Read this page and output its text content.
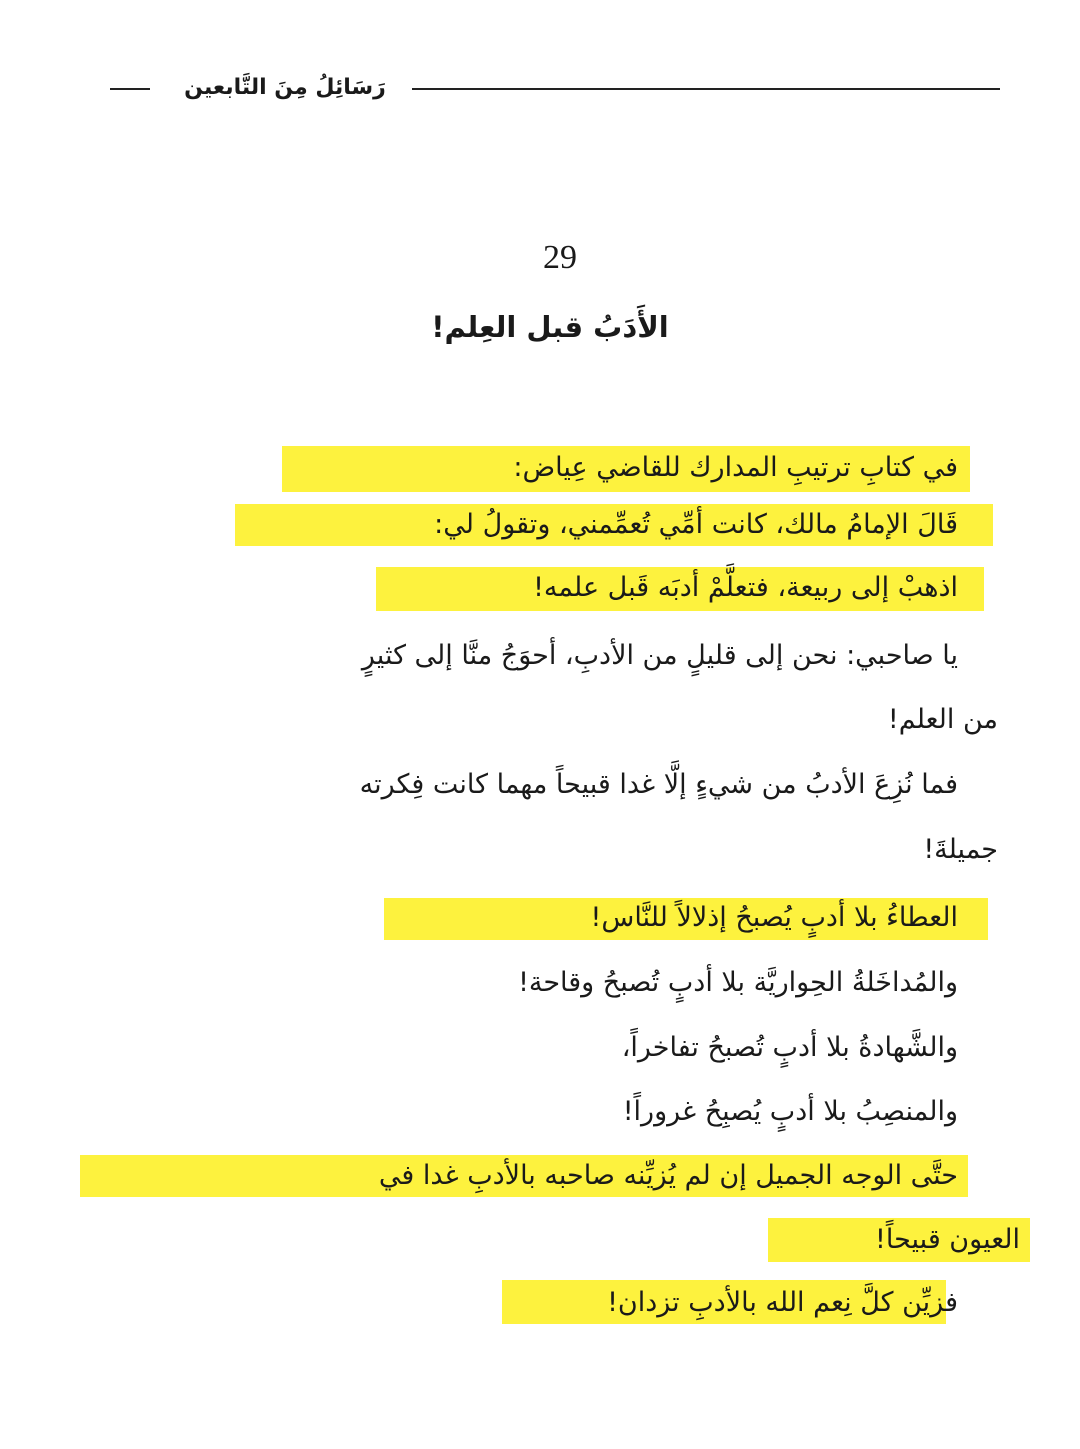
رَسَائِلُ مِنَ التَّابعين
29
الأَدَبُ قبل العِلم!
في كتابِ ترتيبِ المدارك للقاضي عِياض:
قَالَ الإمامُ مالك، كانت أمِّي تُعمِّمني، وتقولُ لي:
اذهبْ إلى ربيعة، فتعلَّمْ أدبَه قَبل علمه!
يا صاحبي: نحن إلى قليلٍ من الأدبِ، أحوَجُ منَّا إلى كثيرٍ
من العلم!
فما نُزِعَ الأدبُ من شيءٍ إلَّا غدا قبيحاً مهما كانت فِكرته
جميلةَ!
العطاءُ بلا أدبٍ يُصبحُ إذلالاً للنَّاس!
والمُداخَلةُ الحِواريَّة بلا أدبٍ تُصبحُ وقاحة!
والشَّهادةُ بلا أدبٍ تُصبحُ تفاخراً،
والمنصِبُ بلا أدبٍ يُصبِحُ غروراً!
حتَّى الوجه الجميل إن لم يُزيِّنه صاحبه بالأدبِ غدا في
العيون قبيحاً!
فزيِّن كلَّ نِعم الله بالأدبِ تزدان!
